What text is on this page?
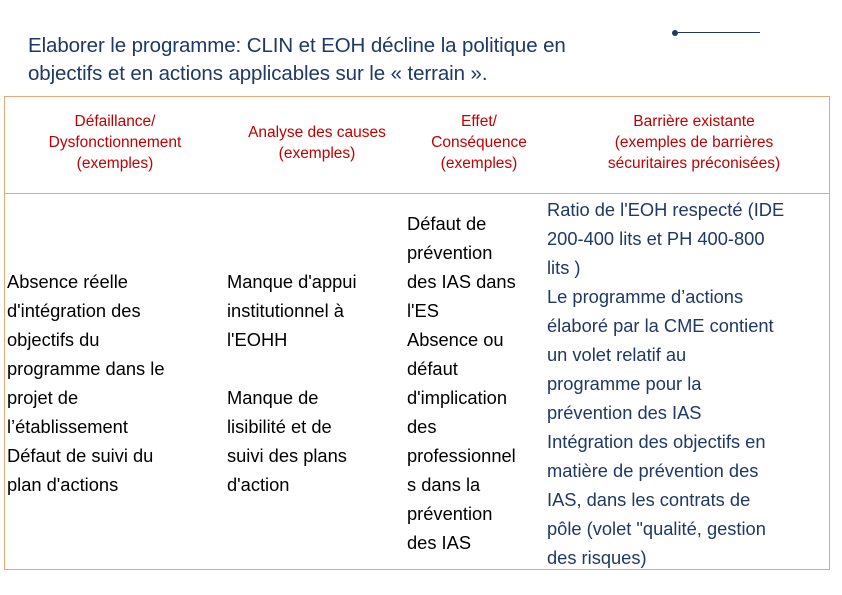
Elaborer le programme: CLIN et EOH décline la politique en
objectifs et en actions applicables sur le « terrain ».
Défaillance/
Dysfonctionnement
(exemples)
Analyse des causes
(exemples)
Effet/
Conséquence
(exemples)
Barrière existante
(exemples de barrières
sécuritaires préconisées)
Absence réelle
d'intégration des
objectifs du
programme dans le
projet de
l’établissement
Défaut de suivi du
plan d'actions
Manque d'appui
institutionnel à
l'EOHH
Manque de
lisibilité et de
suivi des plans
d'action
Défaut de
prévention
des IAS dans
l'ES
Absence ou
défaut
d'implication
des
professionnel
s dans la
prévention
des IAS
Ratio de l'EOH respecté (IDE
200-400 lits et PH 400-800
lits )
Le programme d’actions
élaboré par la CME contient
un volet relatif au
programme pour la
prévention des IAS
Intégration des objectifs en
matière de prévention des
IAS, dans les contrats de
pôle (volet "qualité, gestion
des risques)
